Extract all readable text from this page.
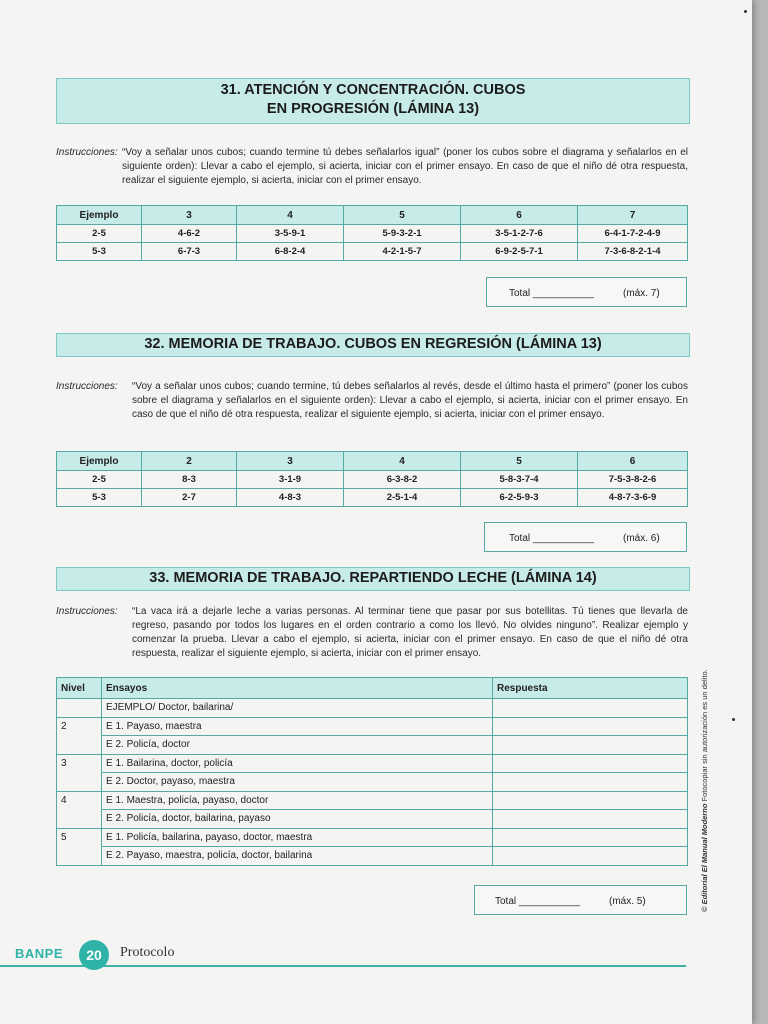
31. ATENCIÓN Y CONCENTRACIÓN. CUBOS
EN PROGRESIÓN (LÁMINA 13)
Instrucciones: “Voy a señalar unos cubos; cuando termine tú debes señalarlos igual” (poner los cubos sobre el diagrama y señalarlos en el siguiente orden): Llevar a cabo el ejemplo, si acierta, iniciar con el primer ensayo. En caso de que el niño dé otra respuesta, realizar el siguiente ejemplo, si acierta, iniciar con el primer ensayo.
Ejemplo	3	4	5	6	7
2-5	4-6-2	3-5-9-1	5-9-3-2-1	3-5-1-2-7-6	6-4-1-7-2-4-9
5-3	6-7-3	6-8-2-4	4-2-1-5-7	6-9-2-5-7-1	7-3-6-8-2-1-4
Total ___________	(máx. 7)
32. MEMORIA DE TRABAJO. CUBOS EN REGRESIÓN (LÁMINA 13)
Instrucciones: “Voy a señalar unos cubos; cuando termine, tú debes señalarlos al revés, desde el último hasta el primero” (poner los cubos sobre el diagrama y señalarlos en el siguiente orden): Llevar a cabo el ejemplo, si acierta, iniciar con el primer ensayo. En caso de que el niño dé otra respuesta, realizar el siguiente ejemplo, si acierta, iniciar con el primer ensayo.
Ejemplo	2	3	4	5	6
2-5	8-3	3-1-9	6-3-8-2	5-8-3-7-4	7-5-3-8-2-6
5-3	2-7	4-8-3	2-5-1-4	6-2-5-9-3	4-8-7-3-6-9
Total ___________	(máx. 6)
33. MEMORIA DE TRABAJO. REPARTIENDO LECHE (LÁMINA 14)
Instrucciones: “La vaca irá a dejarle leche a varias personas. Al terminar tiene que pasar por sus botellitas. Tú tienes que llevarla de regreso, pasando por todos los lugares en el orden contrario a como los llevó. No olvides ninguno”. Realizar ejemplo y comenzar la prueba. Llevar a cabo el ejemplo, si acierta, iniciar con el primer ensayo. En caso de que el niño dé otra respuesta, realizar el siguiente ejemplo, si acierta, iniciar con el primer ensayo.
Nivel	Ensayos	Respuesta
	EJEMPLO/ Doctor, bailarina/	
2	E 1. Payaso, maestra	
	E 2. Policía, doctor	
3	E 1. Bailarina, doctor, policía	
	E 2. Doctor, payaso, maestra	
4	E 1. Maestra, policía, payaso, doctor	
	E 2. Policía, doctor, bailarina, payaso	
5	E 1. Policía, bailarina, payaso, doctor, maestra	
	E 2. Payaso, maestra, policía, doctor, bailarina	
Total ___________	(máx. 5)	© Editorial El Manual Moderno Fotocopiar sin autorización es un delito.
BANPE	20	Protocolo
